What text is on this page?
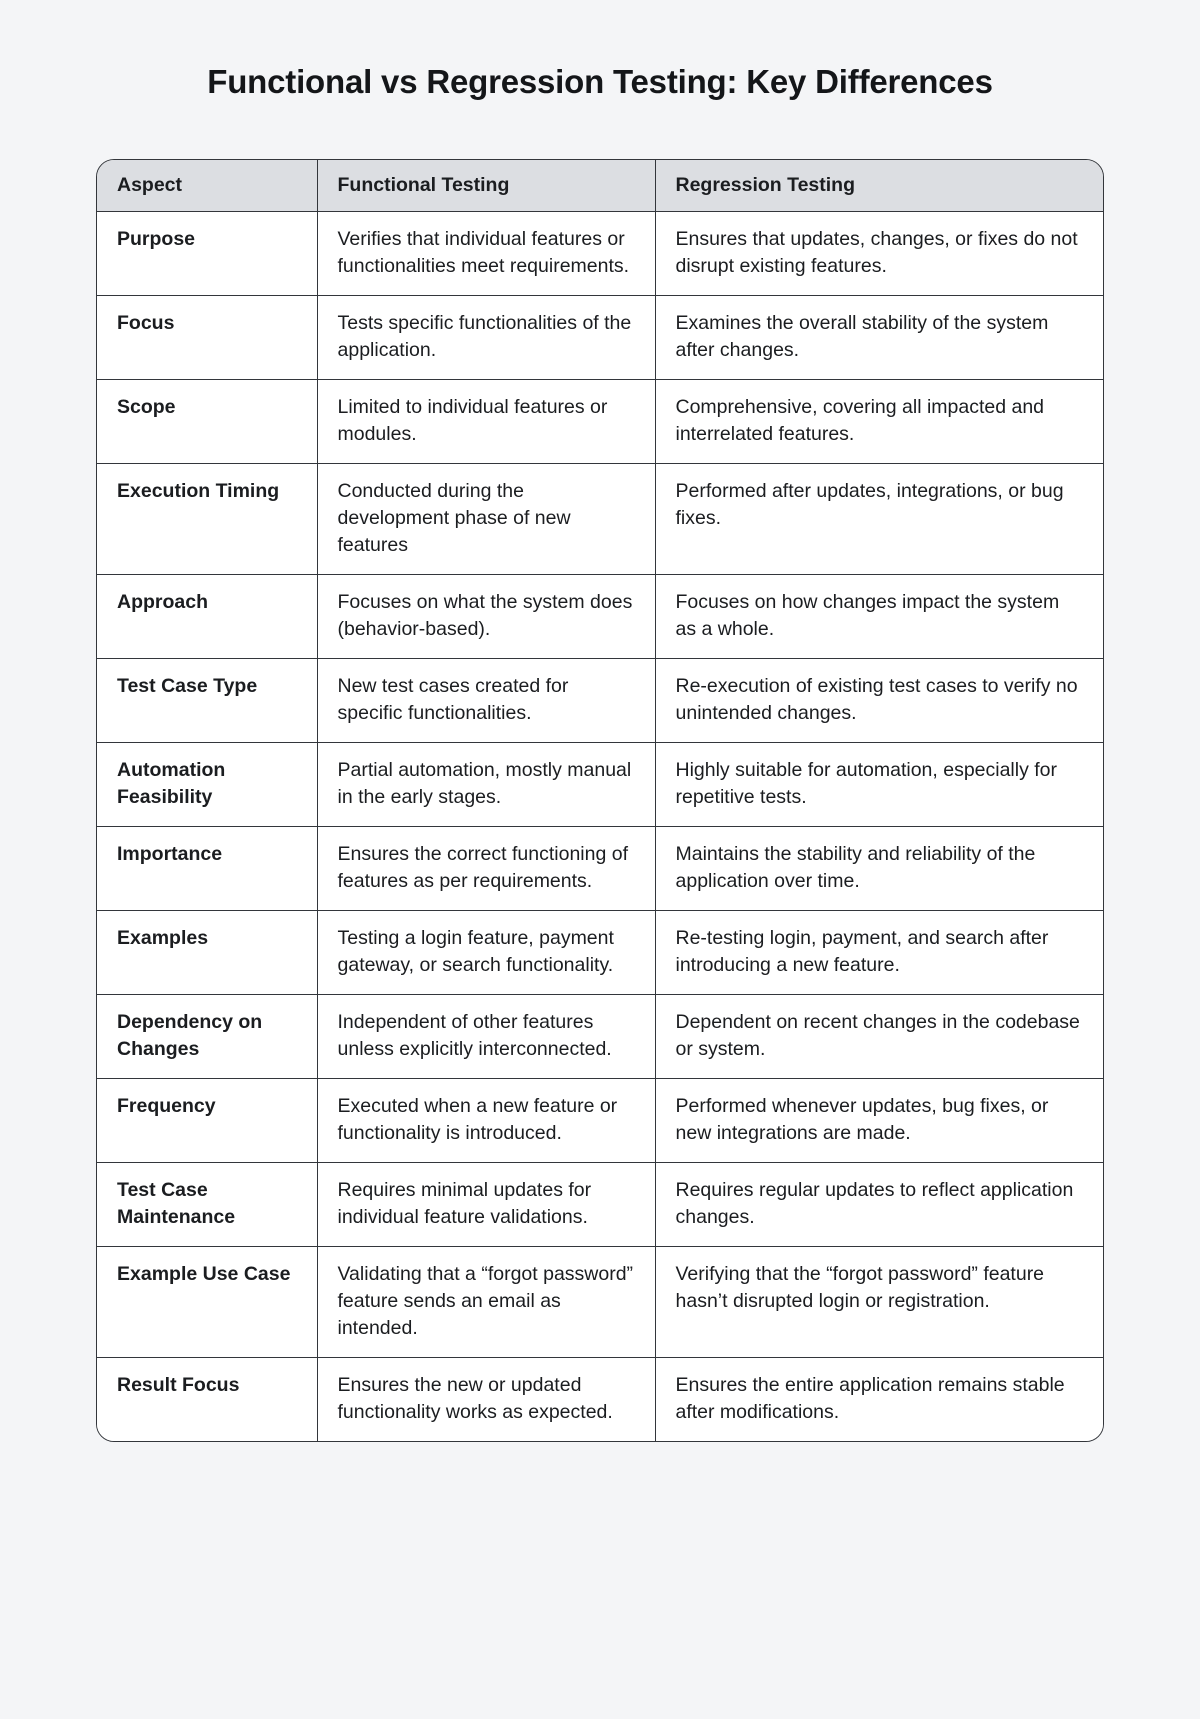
Functional vs Regression Testing: Key Differences
Aspect	Functional Testing	Regression Testing
Purpose	Verifies that individual features or functionalities meet requirements.	Ensures that updates, changes, or fixes do not disrupt existing features.
Focus	Tests specific functionalities of the application.	Examines the overall stability of the system after changes.
Scope	Limited to individual features or modules.	Comprehensive, covering all impacted and interrelated features.
Execution Timing	Conducted during the development phase of new features	Performed after updates, integrations, or bug fixes.
Approach	Focuses on what the system does (behavior-based).	Focuses on how changes impact the system as a whole.
Test Case Type	New test cases created for specific functionalities.	Re-execution of existing test cases to verify no unintended changes.
Automation Feasibility	Partial automation, mostly manual in the early stages.	Highly suitable for automation, especially for repetitive tests.
Importance	Ensures the correct functioning of features as per requirements.	Maintains the stability and reliability of the application over time.
Examples	Testing a login feature, payment gateway, or search functionality.	Re-testing login, payment, and search after introducing a new feature.
Dependency on Changes	Independent of other features unless explicitly interconnected.	Dependent on recent changes in the codebase or system.
Frequency	Executed when a new feature or functionality is introduced.	Performed whenever updates, bug fixes, or new integrations are made.
Test Case Maintenance	Requires minimal updates for individual feature validations.	Requires regular updates to reflect application changes.
Example Use Case	Validating that a “forgot password” feature sends an email as intended.	Verifying that the “forgot password” feature hasn’t disrupted login or registration.
Result Focus	Ensures the new or updated functionality works as expected.	Ensures the entire application remains stable after modifications.
